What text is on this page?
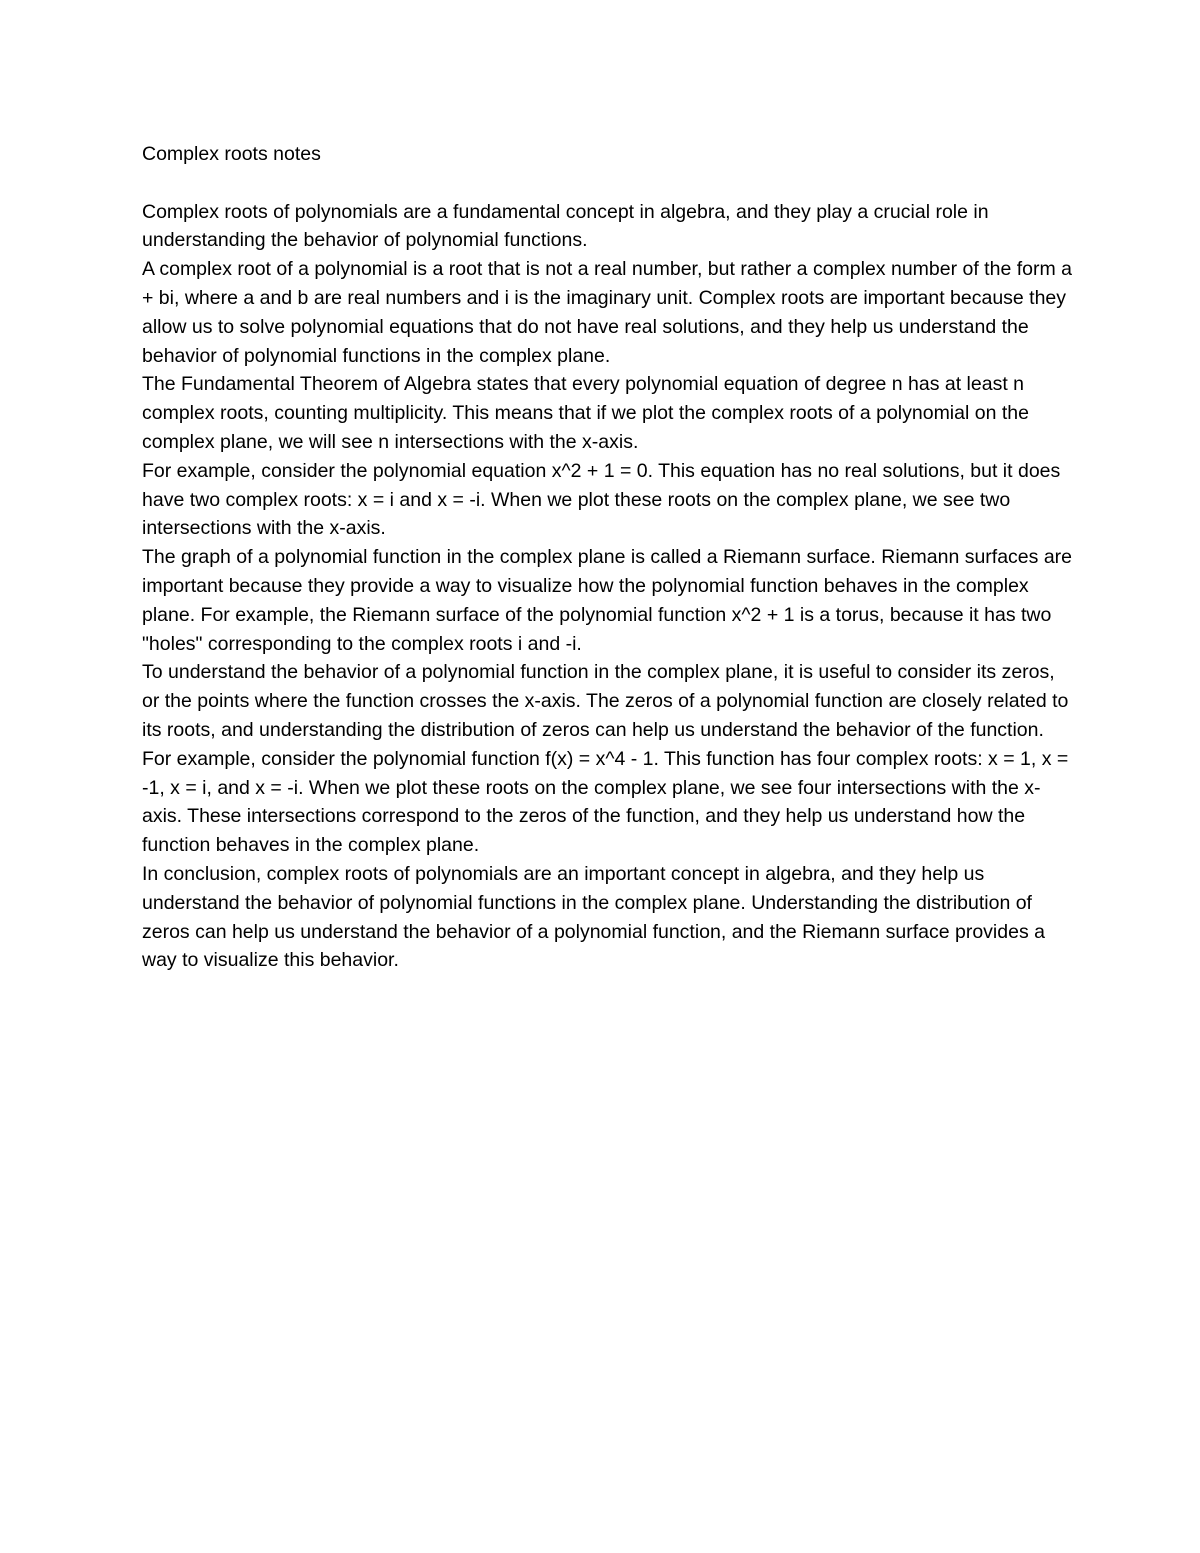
Complex roots notes

Complex roots of polynomials are a fundamental concept in algebra, and they play a crucial role in understanding the behavior of polynomial functions.

A complex root of a polynomial is a root that is not a real number, but rather a complex number of the form a + bi, where a and b are real numbers and i is the imaginary unit. Complex roots are important because they allow us to solve polynomial equations that do not have real solutions, and they help us understand the behavior of polynomial functions in the complex plane.

The Fundamental Theorem of Algebra states that every polynomial equation of degree n has at least n complex roots, counting multiplicity. This means that if we plot the complex roots of a polynomial on the complex plane, we will see n intersections with the x-axis.

For example, consider the polynomial equation x^2 + 1 = 0. This equation has no real solutions, but it does have two complex roots: x = i and x = -i. When we plot these roots on the complex plane, we see two intersections with the x-axis.

The graph of a polynomial function in the complex plane is called a Riemann surface. Riemann surfaces are important because they provide a way to visualize how the polynomial function behaves in the complex plane. For example, the Riemann surface of the polynomial function x^2 + 1 is a torus, because it has two "holes" corresponding to the complex roots i and -i.

To understand the behavior of a polynomial function in the complex plane, it is useful to consider its zeros, or the points where the function crosses the x-axis. The zeros of a polynomial function are closely related to its roots, and understanding the distribution of zeros can help us understand the behavior of the function.

For example, consider the polynomial function f(x) = x^4 - 1. This function has four complex roots: x = 1, x = -1, x = i, and x = -i. When we plot these roots on the complex plane, we see four intersections with the x-axis. These intersections correspond to the zeros of the function, and they help us understand how the function behaves in the complex plane.

In conclusion, complex roots of polynomials are an important concept in algebra, and they help us understand the behavior of polynomial functions in the complex plane. Understanding the distribution of zeros can help us understand the behavior of a polynomial function, and the Riemann surface provides a way to visualize this behavior.
